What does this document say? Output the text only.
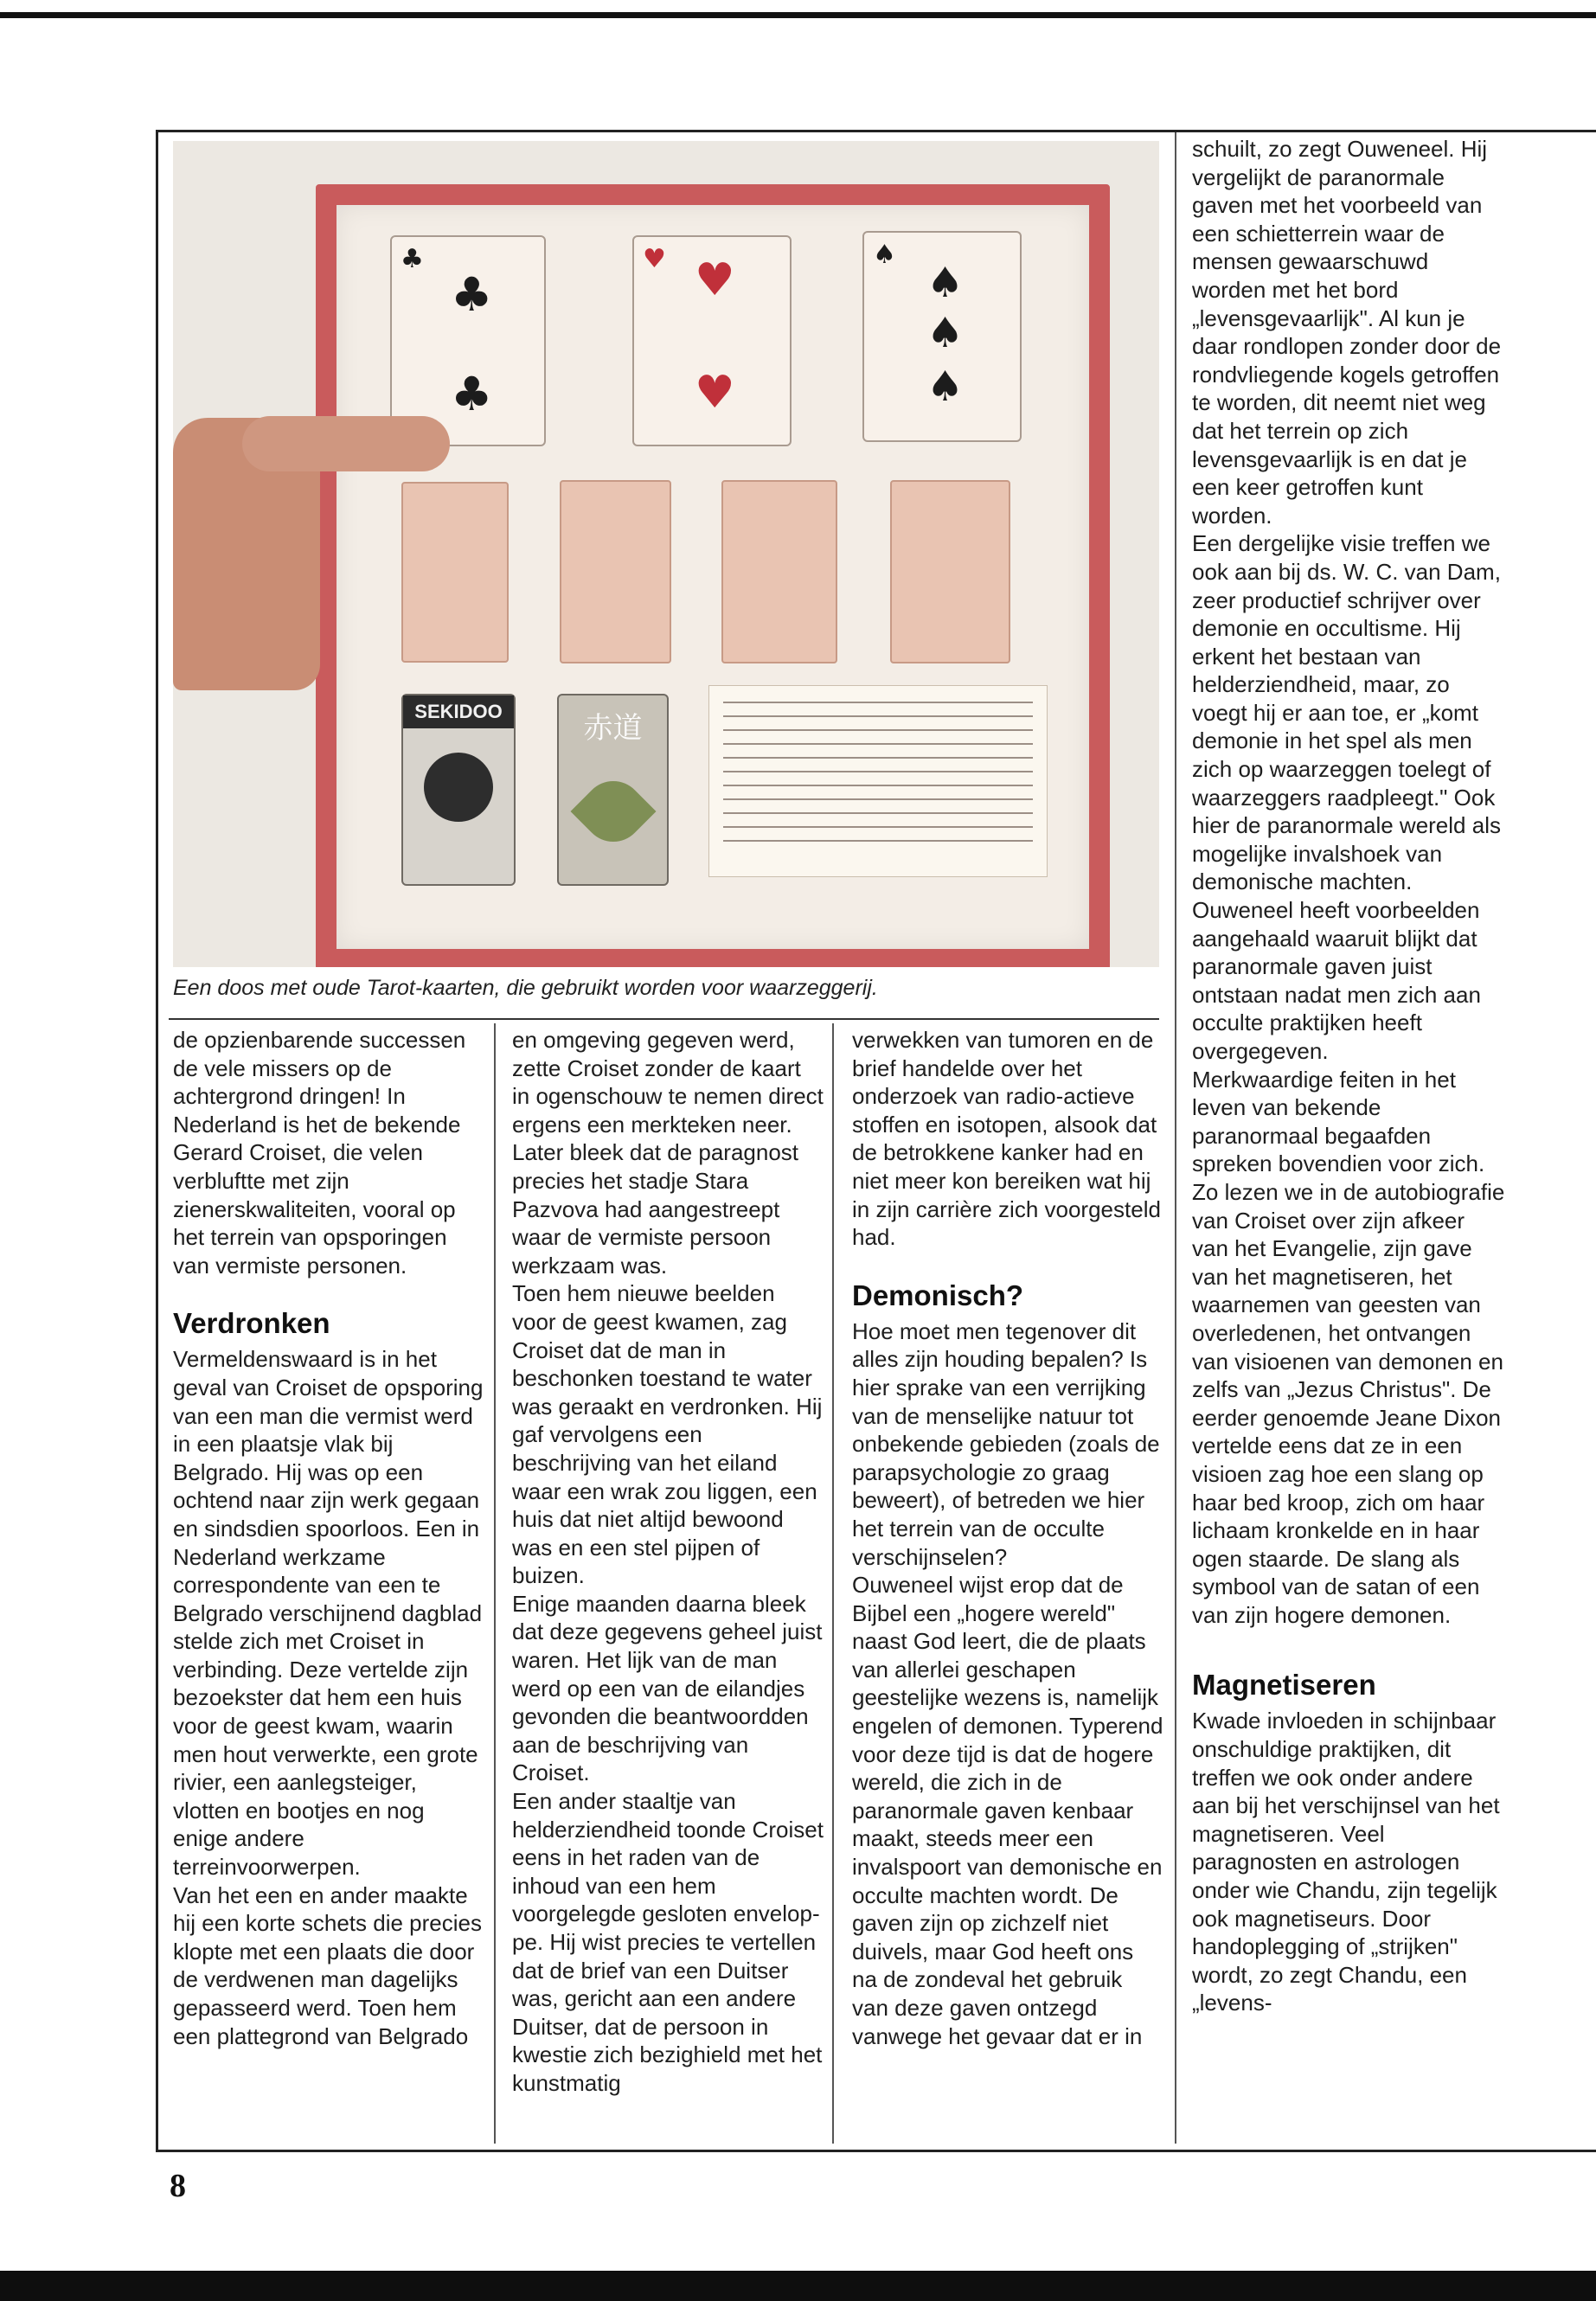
♣
♣
♣
♥ ♥
♥
♠
♠
♠
♠
SEKIDOO	赤道
Een doos met oude Tarot-kaarten, die gebruikt worden voor waarzeggerij.

de opzienbarende successen de vele missers op de achtergrond dringen! In Nederland is het de bekende Gerard Croiset, die velen verbluftte met zijn zienerskwaliteiten, vooral op het terrein van opsporingen van vermiste personen.

Verdronken

Vermeldenswaard is in het geval van Croiset de opsporing van een man die vermist werd in een plaatsje vlak bij Belgrado. Hij was op een ochtend naar zijn werk gegaan en sindsdien spoorloos. Een in Nederland werkzame correspondente van een te Belgrado verschijnend dagblad stelde zich met Croiset in verbinding. Deze vertelde zijn bezoekster dat hem een huis voor de geest kwam, waarin men hout verwerkte, een grote rivier, een aanlegsteiger, vlotten en bootjes en nog enige andere terreinvoorwerpen.

Van het een en ander maakte hij een korte schets die precies klopte met een plaats die door de verdwenen man dagelijks gepasseerd werd. Toen hem een plattegrond van Belgrado

en omgeving gegeven werd, zette Croiset zonder de kaart in ogenschouw te nemen direct ergens een merkteken neer. Later bleek dat de paragnost precies het stadje Stara Pazvova had aangestreept waar de vermiste persoon werkzaam was.

Toen hem nieuwe beelden voor de geest kwamen, zag Croiset dat de man in beschonken toestand te water was geraakt en verdronken. Hij gaf vervolgens een beschrijving van het eiland waar een wrak zou liggen, een huis dat niet altijd bewoond was en een stel pijpen of buizen.

Enige maanden daarna bleek dat deze gegevens geheel juist waren. Het lijk van de man werd op een van de eilandjes gevonden die beantwoordden aan de beschrijving van Croiset.

Een ander staaltje van helderziendheid toonde Croiset eens in het raden van de inhoud van een hem voorgelegde gesloten envelop-pe. Hij wist precies te vertellen dat de brief van een Duitser was, gericht aan een andere Duitser, dat de persoon in kwestie zich bezighield met het kunstmatig

verwekken van tumoren en de brief handelde over het onderzoek van radio-actieve stoffen en isotopen, alsook dat de betrokkene kanker had en niet meer kon bereiken wat hij in zijn carrière zich voorgesteld had.

Demonisch?

Hoe moet men tegenover dit alles zijn houding bepalen? Is hier sprake van een verrijking van de menselijke natuur tot onbekende gebieden (zoals de parapsychologie zo graag beweert), of betreden we hier het terrein van de occulte verschijnselen?

Ouweneel wijst erop dat de Bijbel een „hogere wereld" naast God leert, die de plaats van allerlei geschapen geestelijke wezens is, namelijk engelen of demonen. Typerend voor deze tijd is dat de hogere wereld, die zich in de paranormale gaven kenbaar maakt, steeds meer een invalspoort van demonische en occulte machten wordt. De gaven zijn op zichzelf niet duivels, maar God heeft ons na de zondeval het gebruik van deze gaven ontzegd vanwege het gevaar dat er in

schuilt, zo zegt Ouweneel. Hij vergelijkt de paranormale gaven met het voorbeeld van een schietterrein waar de mensen gewaarschuwd worden met het bord „levensgevaarlijk". Al kun je daar rondlopen zonder door de rondvliegende kogels getroffen te worden, dit neemt niet weg dat het terrein op zich levensgevaarlijk is en dat je een keer getroffen kunt worden.

Een dergelijke visie treffen we ook aan bij ds. W. C. van Dam, zeer productief schrijver over demonie en occultisme. Hij erkent het bestaan van helderziendheid, maar, zo voegt hij er aan toe, er „komt demonie in het spel als men zich op waarzeggen toelegt of waarzeggers raadpleegt." Ook hier de paranormale wereld als mogelijke invalshoek van demonische machten.

Ouweneel heeft voorbeelden aangehaald waaruit blijkt dat paranormale gaven juist ontstaan nadat men zich aan occulte praktijken heeft overgegeven.

Merkwaardige feiten in het leven van bekende paranormaal begaafden spreken bovendien voor zich. Zo lezen we in de autobiografie van Croiset over zijn afkeer van het Evangelie, zijn gave van het magnetiseren, het waarnemen van geesten van overledenen, het ontvangen van visioenen van demonen en zelfs van „Jezus Christus". De eerder genoemde Jeane Dixon vertelde eens dat ze in een visioen zag hoe een slang op haar bed kroop, zich om haar lichaam kronkelde en in haar ogen staarde. De slang als symbool van de satan of een van zijn hogere demonen.

Magnetiseren

Kwade invloeden in schijnbaar onschuldige praktijken, dit treffen we ook onder andere aan bij het verschijnsel van het magnetiseren. Veel paragnosten en astrologen onder wie Chandu, zijn tegelijk ook magnetiseurs. Door handoplegging of „strijken" wordt, zo zegt Chandu, een „levens-

8
